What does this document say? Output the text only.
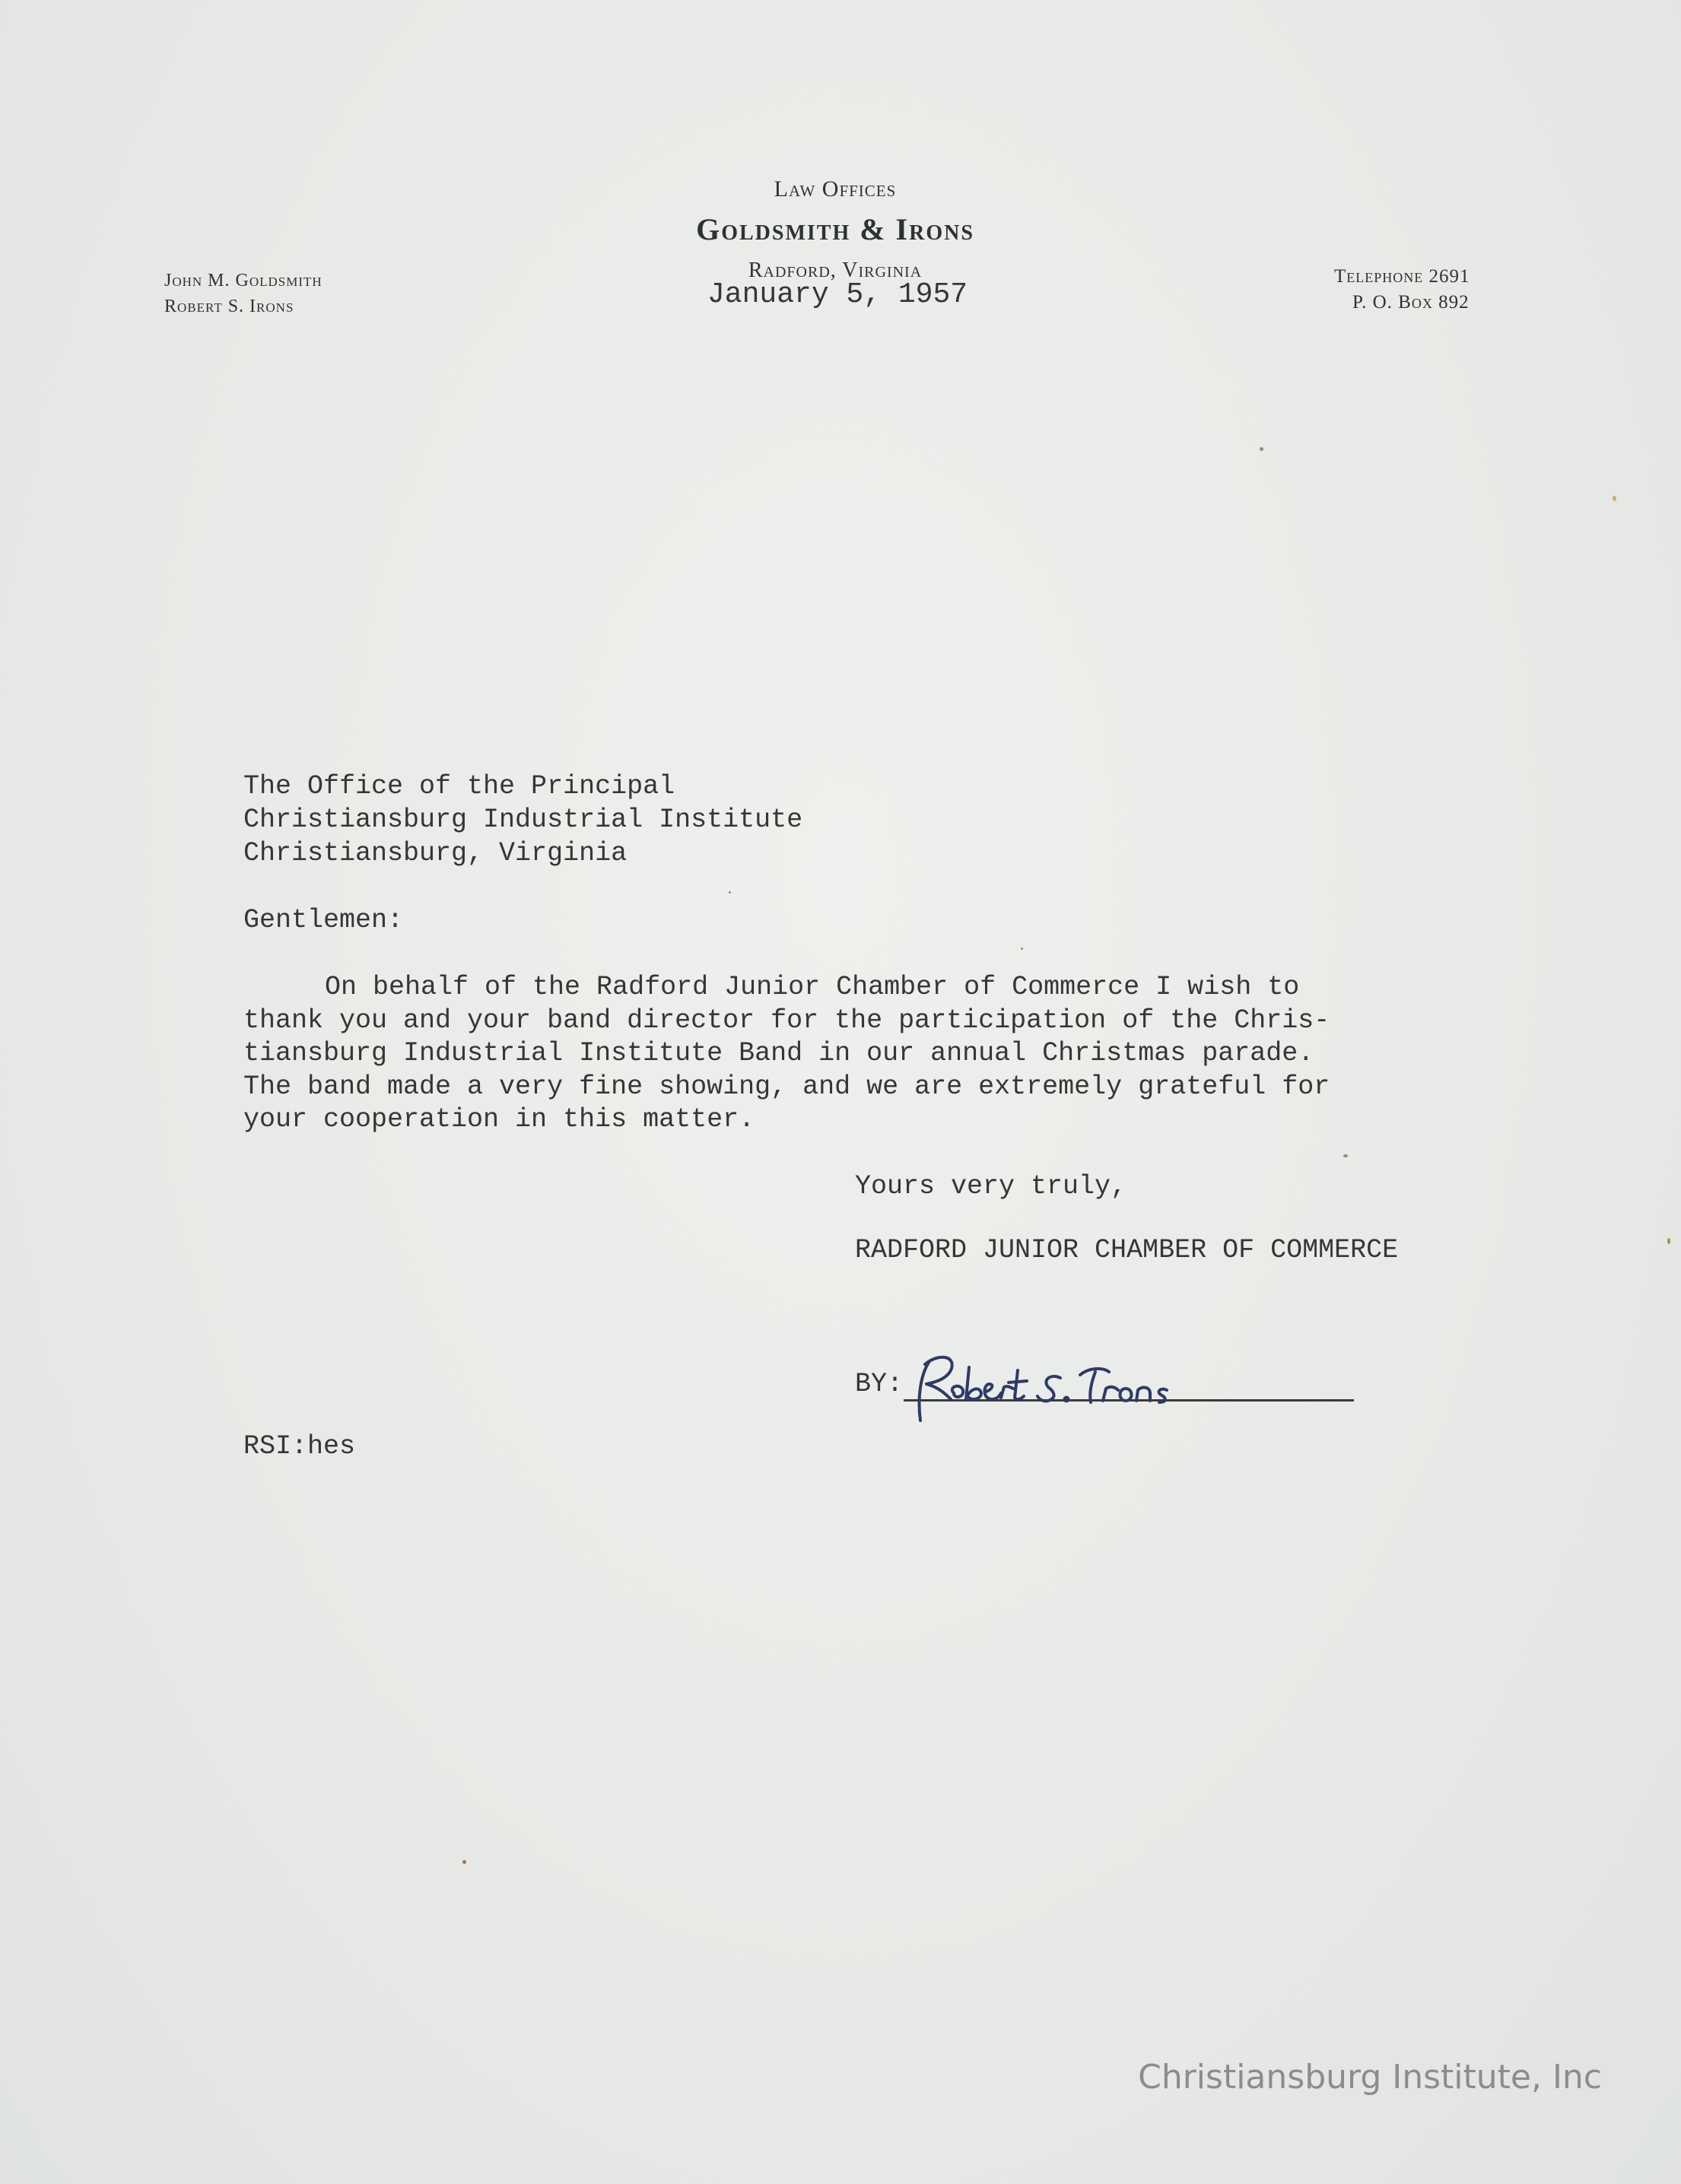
Law Offices
Goldsmith & Irons
Radford, Virginia
John M. Goldsmith
Robert S. Irons
Telephone 2691
P. O. Box 892
January 5, 1957
The Office of the Principal
Christiansburg Industrial Institute
Christiansburg, Virginia
Gentlemen:
On behalf of the Radford Junior Chamber of Commerce I wish to
thank you and your band director for the participation of the Chris-
tiansburg Industrial Institute Band in our annual Christmas parade.
The band made a very fine showing, and we are extremely grateful for
your cooperation in this matter.
Yours very truly,
RADFORD JUNIOR CHAMBER OF COMMERCE
BY:
RSI:hes
Christiansburg Institute, Inc
